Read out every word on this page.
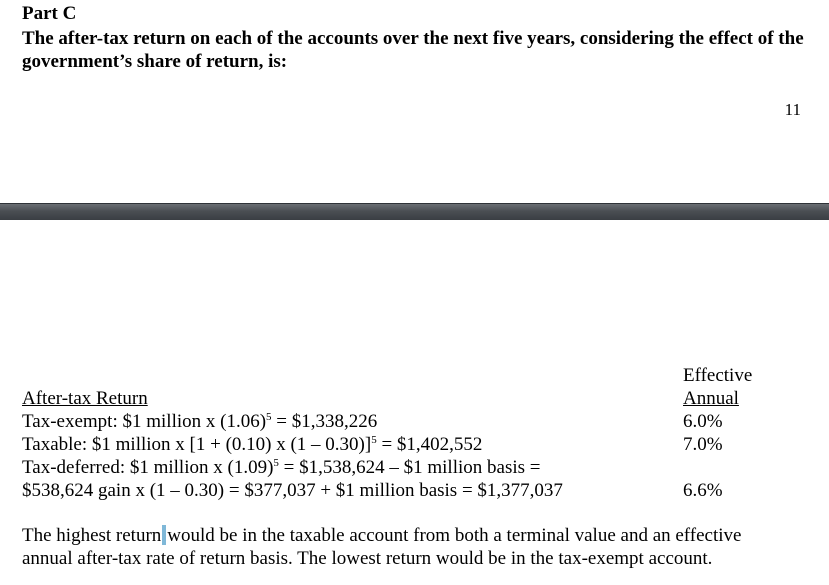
Part C
The after-tax return on each of the accounts over the next five years, considering the effect of the government’s share of return, is:
11
Effective
Annual
After-tax Return
Tax-exempt: $1 million x $(1.06)^5$ = $1,338,226	6.0%
Taxable: $1 million x [1 + (0.10) x (1 – 0.30)]$^5$ = $1,402,552	7.0%
Tax-deferred: $1 million x $(1.09)^5$ = $1,538,624 – $1 million basis =
$538,624 gain x (1 – 0.30) = $377,037 + $1 million basis = $1,377,037	6.6%
The highest return would be in the taxable account from both a terminal value and an effective
annual after-tax rate of return basis. The lowest return would be in the tax-exempt account.
